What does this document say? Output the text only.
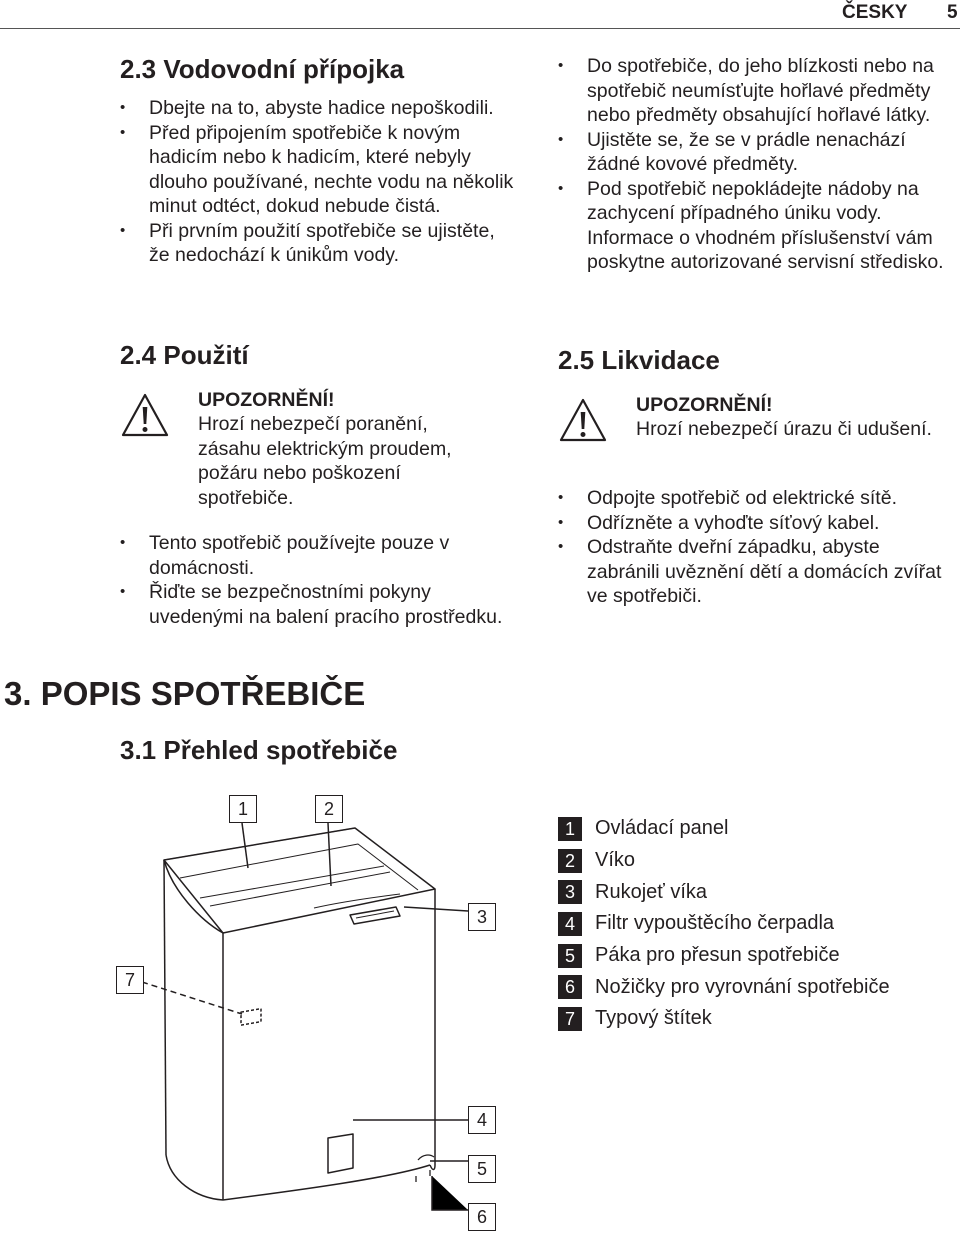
ČESKY 5
2.3 Vodovodní přípojka
• Dbejte na to, abyste hadice nepoškodili.
• Před připojením spotřebiče k novým hadicím nebo k hadicím, které nebyly dlouho používané, nechte vodu na několik minut odtéct, dokud nebude čistá.
• Při prvním použití spotřebiče se ujistěte, že nedochází k únikům vody.
2.4 Použití
UPOZORNĚNÍ!
Hrozí nebezpečí poranění, zásahu elektrickým proudem, požáru nebo poškození spotřebiče.
• Tento spotřebič používejte pouze v domácnosti.
• Řiďte se bezpečnostními pokyny uvedenými na balení pracího prostředku.
• Do spotřebiče, do jeho blízkosti nebo na spotřebič neumísťujte hořlavé předměty nebo předměty obsahující hořlavé látky.
• Ujistěte se, že se v prádle nenachází žádné kovové předměty.
• Pod spotřebič nepokládejte nádoby na zachycení případného úniku vody. Informace o vhodném příslušenství vám poskytne autorizované servisní středisko.
2.5 Likvidace
UPOZORNĚNÍ!
Hrozí nebezpečí úrazu či udušení.
• Odpojte spotřebič od elektrické sítě.
• Odřízněte a vyhoďte síťový kabel.
• Odstraňte dveřní západku, abyste zabránili uvěznění dětí a domácích zvířat ve spotřebiči.
3. POPIS SPOTŘEBIČE
3.1 Přehled spotřebiče
1	2
3
4
5
6
7
1	Ovládací panel
2	Víko
3	Rukojeť víka
4	Filtr vypouštěcího čerpadla
5	Páka pro přesun spotřebiče
6	Nožičky pro vyrovnání spotřebiče
7	Typový štítek
